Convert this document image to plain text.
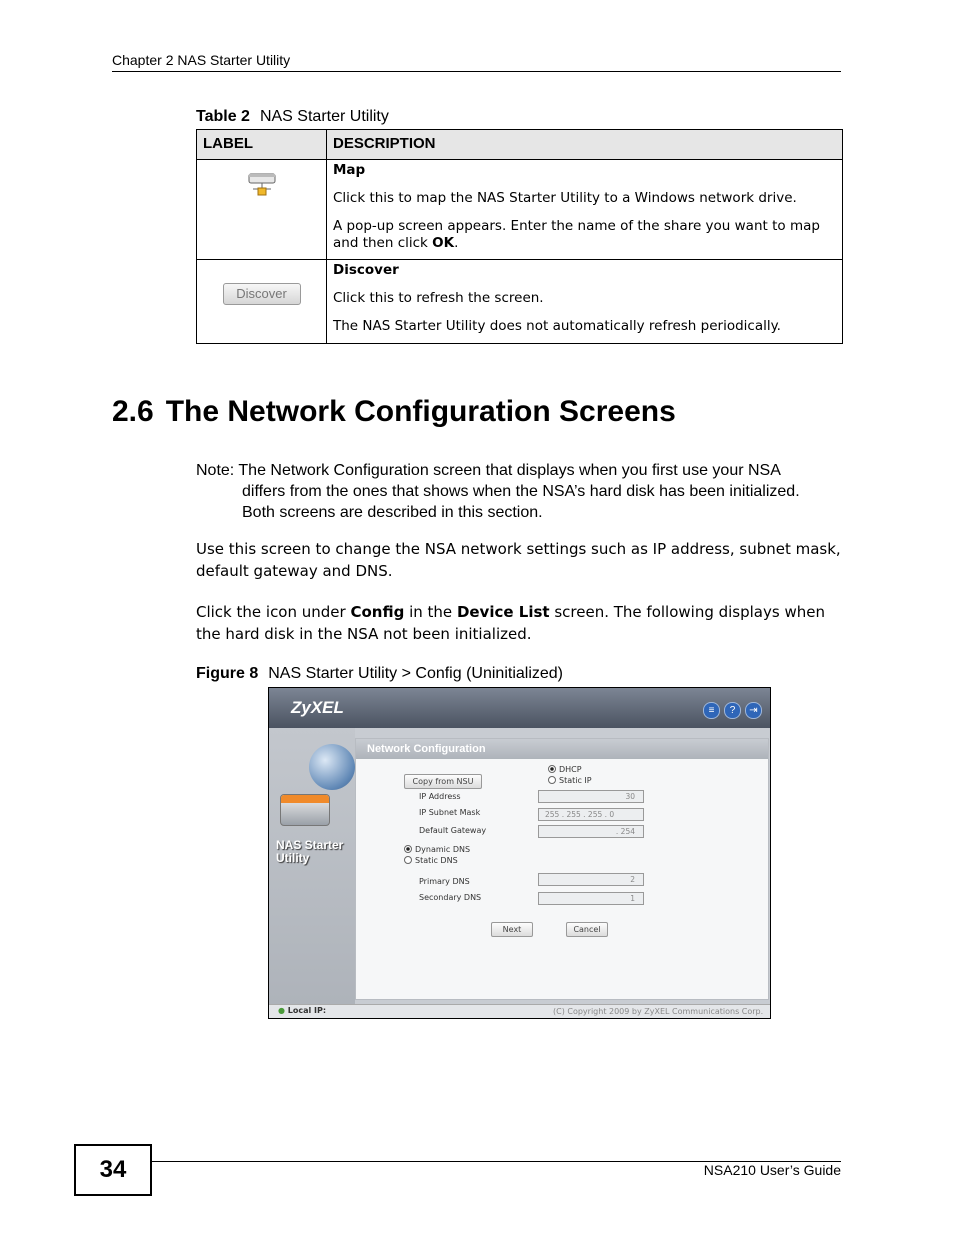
Chapter 2 NAS Starter Utility
Table 2 NAS Starter Utility
LABEL	DESCRIPTION

Map

Click this to map the NAS Starter Utility to a Windows network drive.

A pop-up screen appears. Enter the name of the share you want to map and then click OK.

Discover	Discover

Click this to refresh the screen.

The NAS Starter Utility does not automatically refresh periodically.

2.6 The Network Configuration Screens
Note: The Network Configuration screen that displays when you first use your NSA
differs from the ones that shows when the NSA’s hard disk has been initialized.
Both screens are described in this section.
Use this screen to change the NSA network settings such as IP address, subnet mask, default gateway and DNS.
Click the icon under Config in the Device List screen. The following displays when the hard disk in the NSA not been initialized.
Figure 8 NAS Starter Utility > Config (Uninitialized)
ZyXEL	≡	?	⇥
NAS Starter
Utility
Network Configuration
DHCP
Static IP
Copy from NSU
IP Address	30
IP Subnet Mask	255 . 255 . 255 . 0
Default Gateway	. 254
Dynamic DNS
Static DNS
Primary DNS	2
Secondary DNS	1
Next	Cancel
● Local IP:	(C) Copyright 2009 by ZyXEL Communications Corp.
34	NSA210 User’s Guide
